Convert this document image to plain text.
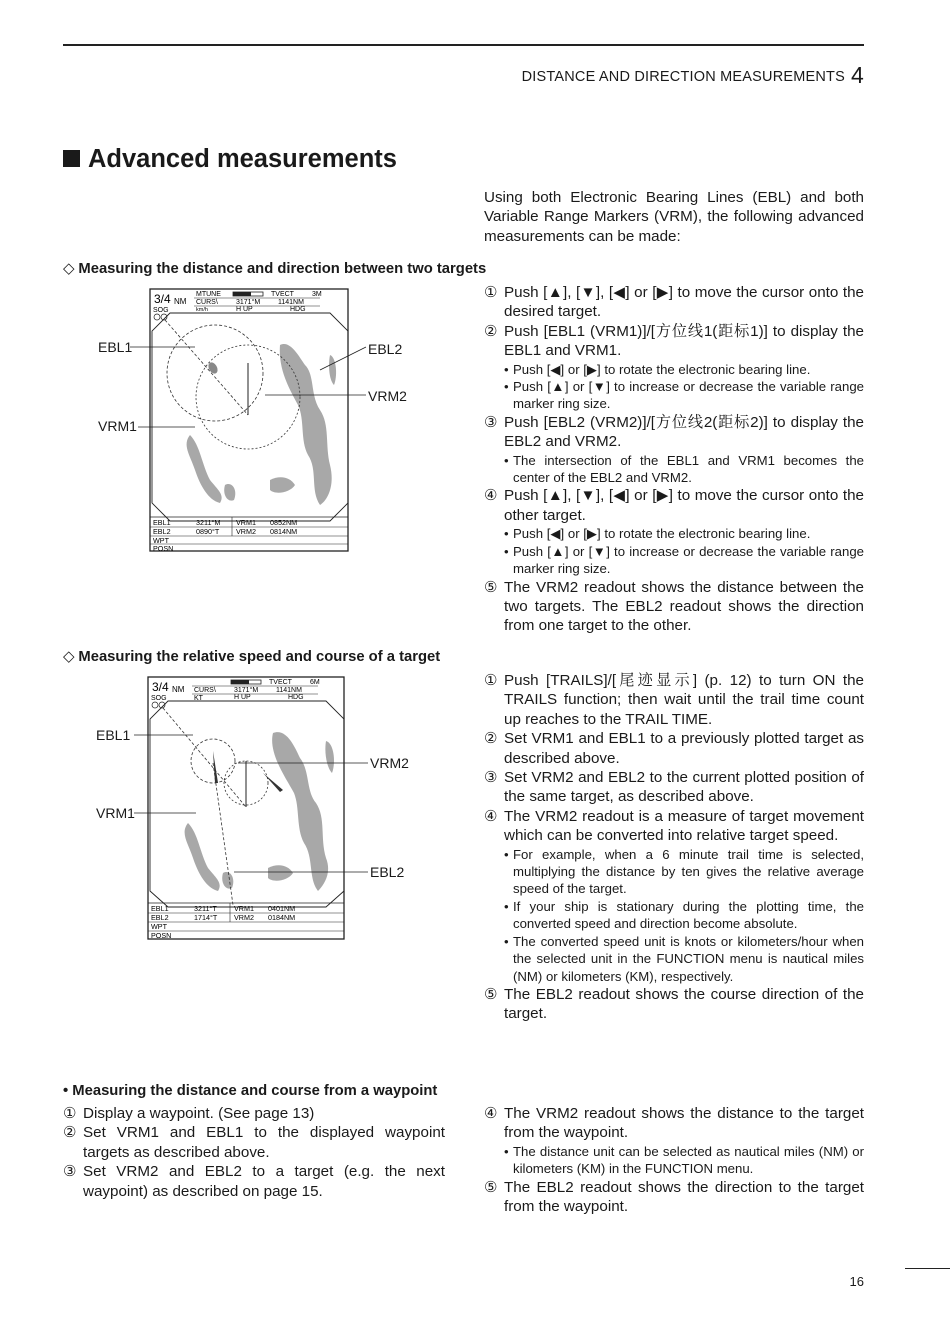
DISTANCE AND DIRECTION MEASUREMENTS 4
Advanced measurements
Using both Electronic Bearing Lines (EBL) and both Variable Range Markers (VRM), the following advanced measurements can be made:
◇ Measuring the distance and direction between two targets
① Push [▲], [▼], [◀] or [▶] to move the cursor onto the desired target.
② Push [EBL1 (VRM1)]/[方位线1(距标1)] to display the EBL1 and VRM1.
• Push [◀] or [▶] to rotate the electronic bearing line.
• Push [▲] or [▼] to increase or decrease the variable range marker ring size.
③ Push [EBL2 (VRM2)]/[方位线2(距标2)] to display the EBL2 and VRM2.
• The intersection of the EBL1 and VRM1 becomes the center of the EBL2 and VRM2.
④ Push [▲], [▼], [◀] or [▶] to move the cursor onto the other target.
• Push [◀] or [▶] to rotate the electronic bearing line.
• Push [▲] or [▼] to increase or decrease the variable range marker ring size.
⑤ The VRM2 readout shows the distance between the two targets. The EBL2 readout shows the direction from one target to the other.
EBL1	EBL2
VRM2
VRM1
3/4 NM
MTUNE	TVECT	3M
CURS\	3171°M	1141NM
SOG	km/h	H UP	HDG
EBL1	3211°M VRM1 0852NM
EBL2	0890°T VRM2 0814NM
WPT
POSN
◇ Measuring the relative speed and course of a target
① Push [TRAILS]/[尾迹显示] (p. 12) to turn ON the TRAILS function; then wait until the trail time count up reaches to the TRAIL TIME.
② Set VRM1 and EBL1 to a previously plotted target as described above.
③ Set VRM2 and EBL2 to the current plotted position of the same target, as described above.
④ The VRM2 readout is a measure of target movement which can be converted into relative target speed.
• For example, when a 6 minute trail time is selected, multiplying the distance by ten gives the relative average speed of the target.
• If your ship is stationary during the plotting time, the converted speed and direction become absolute.
• The converted speed unit is knots or kilometers/hour when the selected unit in the FUNCTION menu is nautical miles (NM) or kilometers (KM), respectively.
⑤ The EBL2 readout shows the course direction of the target.
EBL1
VRM2
VRM1
EBL2
3/4 NM
TVECT	6M
CURS\	3171°M	1141NM
SOG	KT	H UP	HDG
EBL1	3211°T VRM1 0401NM
EBL2	1714°T VRM2 0184NM
WPT
POSN
• Measuring the distance and course from a waypoint
① Display a waypoint. (See page 13)
② Set VRM1 and EBL1 to the displayed waypoint targets as described above.
③ Set VRM2 and EBL2 to a target (e.g. the next waypoint) as described on page 15.
④ The VRM2 readout shows the distance to the target from the waypoint.
• The distance unit can be selected as nautical miles (NM) or kilometers (KM) in the FUNCTION menu.
⑤ The EBL2 readout shows the direction to the target from the waypoint.
16
